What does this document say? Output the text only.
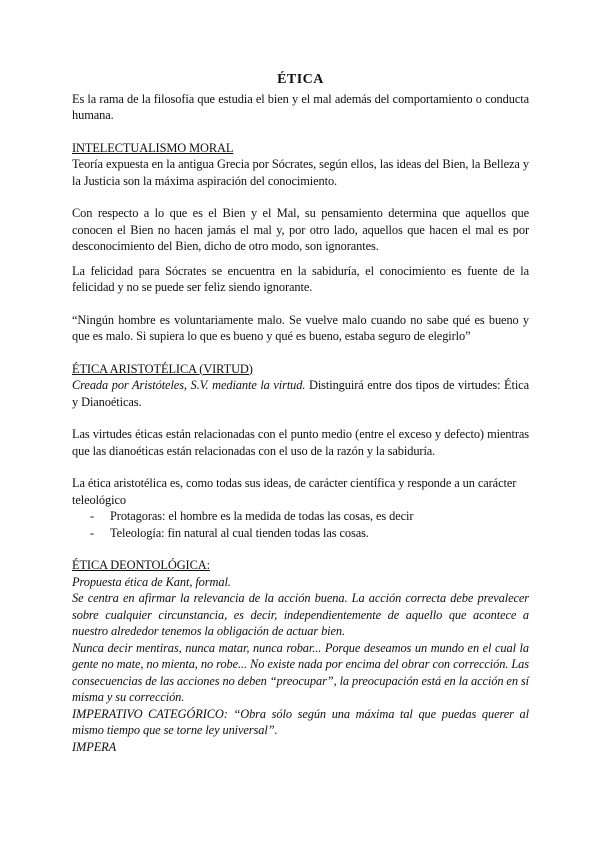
ÉTICA

Es la rama de la filosofía que estudia el bien y el mal además del comportamiento o conducta humana.

INTELECTUALISMO MORAL

Teoría expuesta en la antigua Grecia por Sócrates, según ellos, las ideas del Bien, la Belleza y la Justicia son la máxima aspiración del conocimiento.

Con respecto a lo que es el Bien y el Mal, su pensamiento determina que aquellos que conocen el Bien no hacen jamás el mal y, por otro lado, aquellos que hacen el mal es por desconocimiento del Bien, dicho de otro modo, son ignorantes.

La felicidad para Sócrates se encuentra en la sabiduría, el conocimiento es fuente de la felicidad y no se puede ser feliz siendo ignorante.

“Ningún hombre es voluntariamente malo. Se vuelve malo cuando no sabe qué es bueno y que es malo. Si supiera lo que es bueno y qué es bueno, estaba seguro de elegirlo”

ÉTICA ARISTOTÉLICA (VIRTUD)

Creada por Aristóteles, S.V. mediante la virtud. Distinguirá entre dos tipos de virtudes: Ética y Dianoéticas.

Las virtudes éticas están relacionadas con el punto medio (entre el exceso y defecto) mientras que las dianoéticas están relacionadas con el uso de la razón y la sabiduría.

La ética aristotélica es, como todas sus ideas, de carácter científica y responde a un carácter teleológico

- Protagoras: el hombre es la medida de todas las cosas, es decir
- Teleología: fin natural al cual tienden todas las cosas.
ÉTICA DEONTOLÓGICA:

Propuesta ética de Kant, formal.

Se centra en afirmar la relevancia de la acción buena. La acción correcta debe prevalecer sobre cualquier circunstancia, es decir, independientemente de aquello que acontece a nuestro alrededor tenemos la obligación de actuar bien.

Nunca decir mentiras, nunca matar, nunca robar... Porque deseamos un mundo en el cual la gente no mate, no mienta, no robe... No existe nada por encima del obrar con corrección. Las consecuencias de las acciones no deben “preocupar”, la preocupación está en la acción en sí misma y su corrección.

IMPERATIVO CATEGÓRICO: “Obra sólo según una máxima tal que puedas querer al mismo tiempo que se torne ley universal”.

IMPERA
